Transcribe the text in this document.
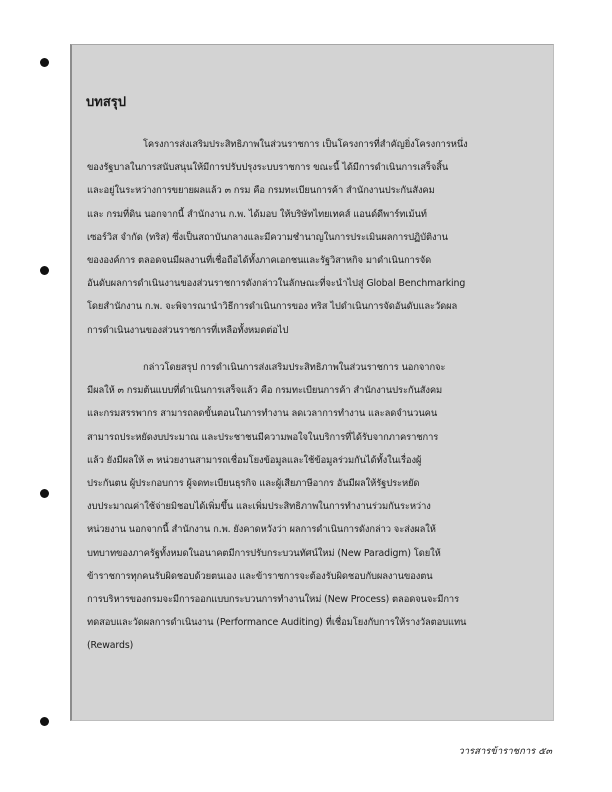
บทสรุป

โครงการส่งเสริมประสิทธิภาพในส่วนราชการ เป็นโครงการที่สำคัญยิ่งโครงการหนึ่ง
ของรัฐบาลในการสนับสนุนให้มีการปรับปรุงระบบราชการ ขณะนี้ ได้มีการดำเนินการเสร็จสิ้น
และอยู่ในระหว่างการขยายผลแล้ว ๓ กรม คือ กรมทะเบียนการค้า สำนักงานประกันสังคม
และ กรมที่ดิน นอกจากนี้ สำนักงาน ก.พ. ได้มอบ ให้บริษัทไทยเทคส์ แอนด์ดีพาร์ทเม้นท์
เซอร์วิส จำกัด (ทริส) ซึ่งเป็นสถาบันกลางและมีความชำนาญในการประเมินผลการปฏิบัติงาน
ขององค์การ ตลอดจนมีผลงานที่เชื่อถือได้ทั้งภาคเอกชนและรัฐวิสาหกิจ มาดำเนินการจัด
อันดับผลการดำเนินงานของส่วนราชการดังกล่าวในลักษณะที่จะนำไปสู่ Global Benchmarking
โดยสำนักงาน ก.พ. จะพิจารณานำวิธีการดำเนินการของ ทริส ไปดำเนินการจัดอันดับและวัดผล
การดำเนินงานของส่วนราชการที่เหลือทั้งหมดต่อไป

กล่าวโดยสรุป การดำเนินการส่งเสริมประสิทธิภาพในส่วนราชการ นอกจากจะ
มีผลให้ ๓ กรมต้นแบบที่ดำเนินการเสร็จแล้ว คือ กรมทะเบียนการค้า สำนักงานประกันสังคม
และกรมสรรพากร สามารถลดขั้นตอนในการทำงาน ลดเวลาการทำงาน และลดจำนวนคน
สามารถประหยัดงบประมาณ และประชาชนมีความพอใจในบริการที่ได้รับจากภาคราชการ
แล้ว ยังมีผลให้ ๓ หน่วยงานสามารถเชื่อมโยงข้อมูลและใช้ข้อมูลร่วมกันได้ทั้งในเรื่องผู้
ประกันตน ผู้ประกอบการ ผู้จดทะเบียนธุรกิจ และผู้เสียภาษีอากร อันมีผลให้รัฐประหยัด
งบประมาณค่าใช้จ่ายมิชอบได้เพิ่มขึ้น และเพิ่มประสิทธิภาพในการทำงานร่วมกันระหว่าง
หน่วยงาน นอกจากนี้ สำนักงาน ก.พ. ยังคาดหวังว่า ผลการดำเนินการดังกล่าว จะส่งผลให้
บทบาทของภาครัฐทั้งหมดในอนาคตมีการปรับกระบวนทัศน์ใหม่ (New Paradigm) โดยให้
ข้าราชการทุกคนรับผิดชอบด้วยตนเอง และข้าราชการจะต้องรับผิดชอบกับผลงานของตน
การบริหารของกรมจะมีการออกแบบกระบวนการทำงานใหม่ (New Process) ตลอดจนจะมีการ
ทดสอบและวัดผลการดำเนินงาน (Performance Auditing) ที่เชื่อมโยงกับการให้รางวัลตอบแทน
(Rewards)

วารสารข้าราชการ ๕๓
